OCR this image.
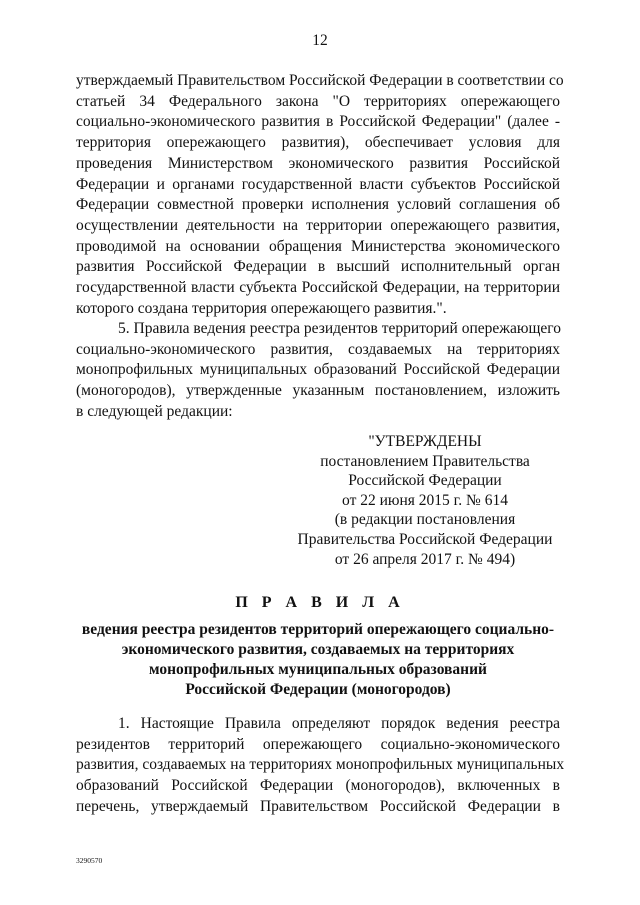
12
утверждаемый Правительством Российской Федерации в соответствии со
статьей 34 Федерального закона "О территориях опережающего
социально-экономического развития в Российской Федерации" (далее -
территория опережающего развития), обеспечивает условия для
проведения Министерством экономического развития Российской
Федерации и органами государственной власти субъектов Российской
Федерации совместной проверки исполнения условий соглашения об
осуществлении деятельности на территории опережающего развития,
проводимой на основании обращения Министерства экономического
развития Российской Федерации в высший исполнительный орган
государственной власти субъекта Российской Федерации, на территории
которого создана территория опережающего развития.".
5. Правила ведения реестра резидентов территорий опережающего
социально-экономического развития, создаваемых на территориях
монопрофильных муниципальных образований Российской Федерации
(моногородов), утвержденные указанным постановлением, изложить
в следующей редакции:
"УТВЕРЖДЕНЫ
постановлением Правительства
Российской Федерации
от 22 июня 2015 г. № 614
(в редакции постановления
Правительства Российской Федерации
от 26 апреля 2017 г. № 494)
П Р А В И Л А
ведения реестра резидентов территорий опережающего социально-
экономического развития, создаваемых на территориях
монопрофильных муниципальных образований
Российской Федерации (моногородов)
1. Настоящие Правила определяют порядок ведения реестра
резидентов территорий опережающего социально-экономического
развития, создаваемых на территориях монопрофильных муниципальных
образований Российской Федерации (моногородов), включенных в
перечень, утверждаемый Правительством Российской Федерации в
3290570
